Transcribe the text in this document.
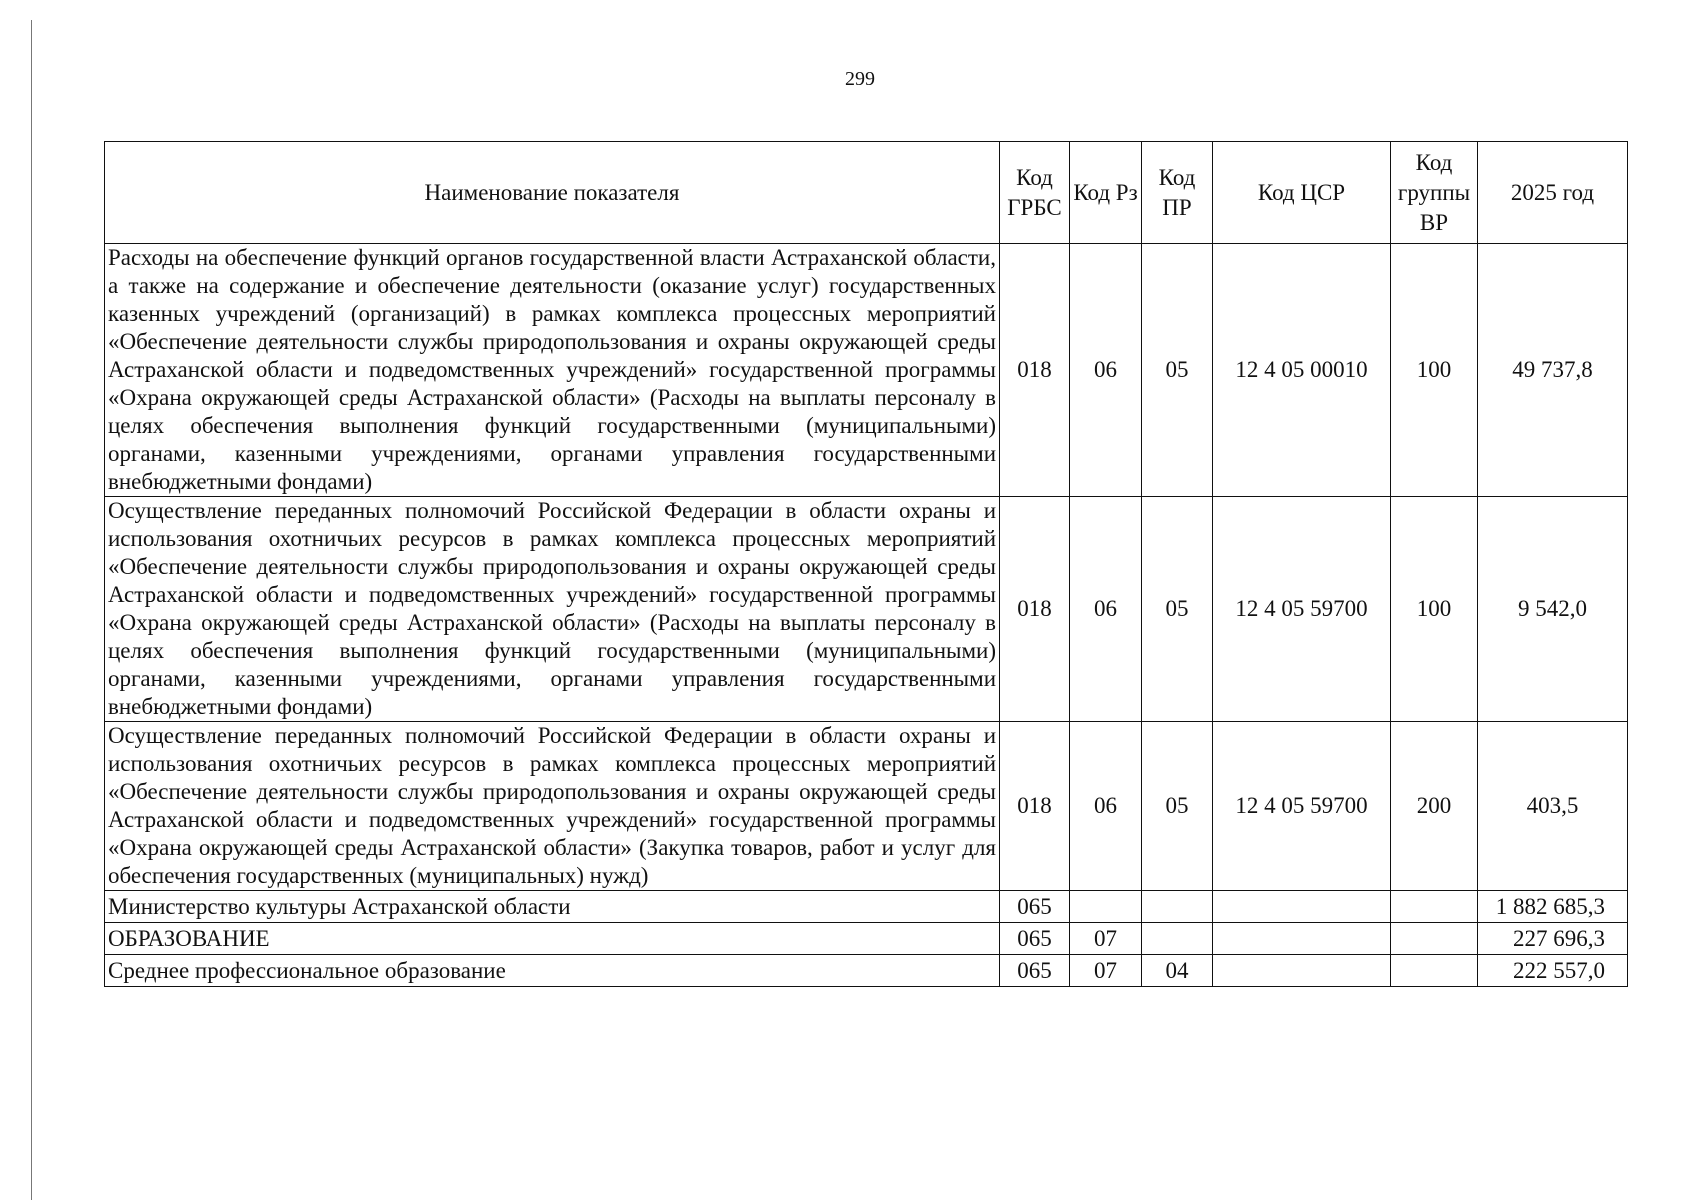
299
Наименование показателя	Код ГРБС	Код Рз	Код ПР	Код ЦСР	Код группы ВР	2025 год
Расходы на обеспечение функций органов государственной власти Астраханской области, а также на содержание и обеспечение деятельности (оказание услуг) государственных казенных учреждений (организаций) в рамках комплекса процессных мероприятий «Обеспечение деятельности службы природопользования и охраны окружающей среды Астраханской области и подведомственных учреждений» государственной программы «Охрана окружающей среды Астраханской области» (Расходы на выплаты персоналу в целях обеспечения выполнения функций государственными (муниципальными) органами, казенными учреждениями, органами управления государственными внебюджетными фондами)	018	06	05	12 4 05 00010	100	49 737,8
Осуществление переданных полномочий Российской Федерации в области охраны и использования охотничьих ресурсов в рамках комплекса процессных мероприятий «Обеспечение деятельности службы природопользования и охраны окружающей среды Астраханской области и подведомственных учреждений» государственной программы «Охрана окружающей среды Астраханской области» (Расходы на выплаты персоналу в целях обеспечения выполнения функций государственными (муниципальными) органами, казенными учреждениями, органами управления государственными внебюджетными фондами)	018	06	05	12 4 05 59700	100	9 542,0
Осуществление переданных полномочий Российской Федерации в области охраны и использования охотничьих ресурсов в рамках комплекса процессных мероприятий «Обеспечение деятельности службы природопользования и охраны окружающей среды Астраханской области и подведомственных учреждений» государственной программы «Охрана окружающей среды Астраханской области» (Закупка товаров, работ и услуг для обеспечения государственных (муниципальных) нужд)	018	06	05	12 4 05 59700	200	403,5
Министерство культуры Астраханской области	065					1 882 685,3
ОБРАЗОВАНИЕ	065	07				227 696,3
Среднее профессиональное образование	065	07	04			222 557,0
